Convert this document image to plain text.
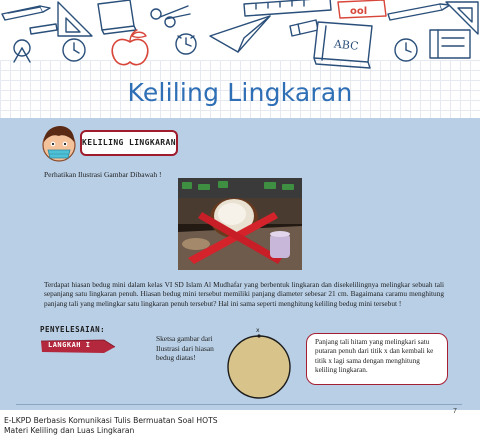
ool
ABC
Keliling Lingkaran
KELILING LINGKARAN
Perhatikan Ilustrasi Gambar Dibawah !
Terdapat hiasan bedug mini dalam kelas VI SD Islam Al Mudhafar yang berbentuk lingkaran dan disekelilingnya melingkar sebuah tali sepanjang satu lingkaran penuh. Hiasan bedug mini tersebut memiliki panjang diameter sebesar 21 cm. Bagaimana caramu menghitung panjang tali yang melingkar satu lingkaran penuh tersebut? Hal ini sama seperti menghitung keliling bedug mini tersebut !
PENYELESAIAN:
LANGKAH I
Sketsa gambar dari Ilustrasi dari hiasan bedug diatas!
x
Panjang tali hitam yang melingkari satu putaran penuh dari titik x dan kembali ke titik x lagi sama dengan menghitung keliling lingkaran.
7
E-LKPD Berbasis Komunikasi Tulis Bermuatan Soal HOTS
Materi Keliling dan Luas Lingkaran
